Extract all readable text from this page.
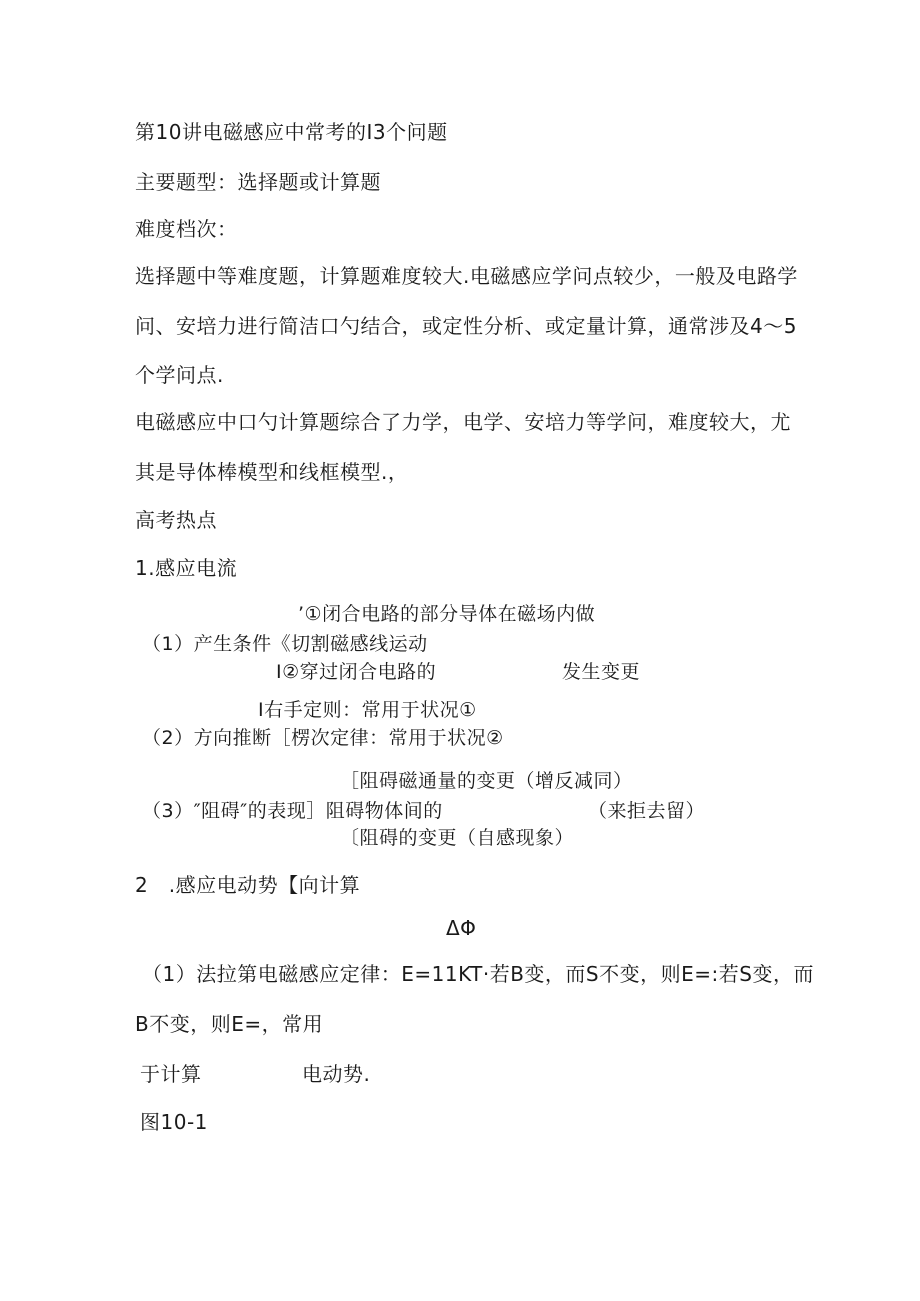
第10讲电磁感应中常考的I3个问题
主要题型：选择题或计算题
难度档次：
选择题中等难度题，计算题难度较大.电磁感应学问点较少，一般及电路学
问、安培力进行简洁口勺结合，或定性分析、或定量计算，通常涉及4〜5
个学问点.
电磁感应中口勺计算题综合了力学，电学、安培力等学问，难度较大，尤
其是导体棒模型和线框模型.，
高考热点
1.感应电流
’①闭合电路的部分导体在磁场内做
（1）产生条件《切割磁感线运动
I②穿过闭合电路的	发生变更
I右手定则：常用于状况①
（2）方向推断［楞次定律：常用于状况②
［阻碍磁通量的变更（增反减同）
（3）″阻碍″的表现］阻碍物体间的	（来拒去留）
〔阻碍的变更（自感现象）
2　.感应电动势【向计算
ΔΦ
（1）法拉第电磁感应定律：E=11KT·若B变，而S不变，则E=:若S变，而
B不变，则E=，常用
于计算	电动势.
图10-1
